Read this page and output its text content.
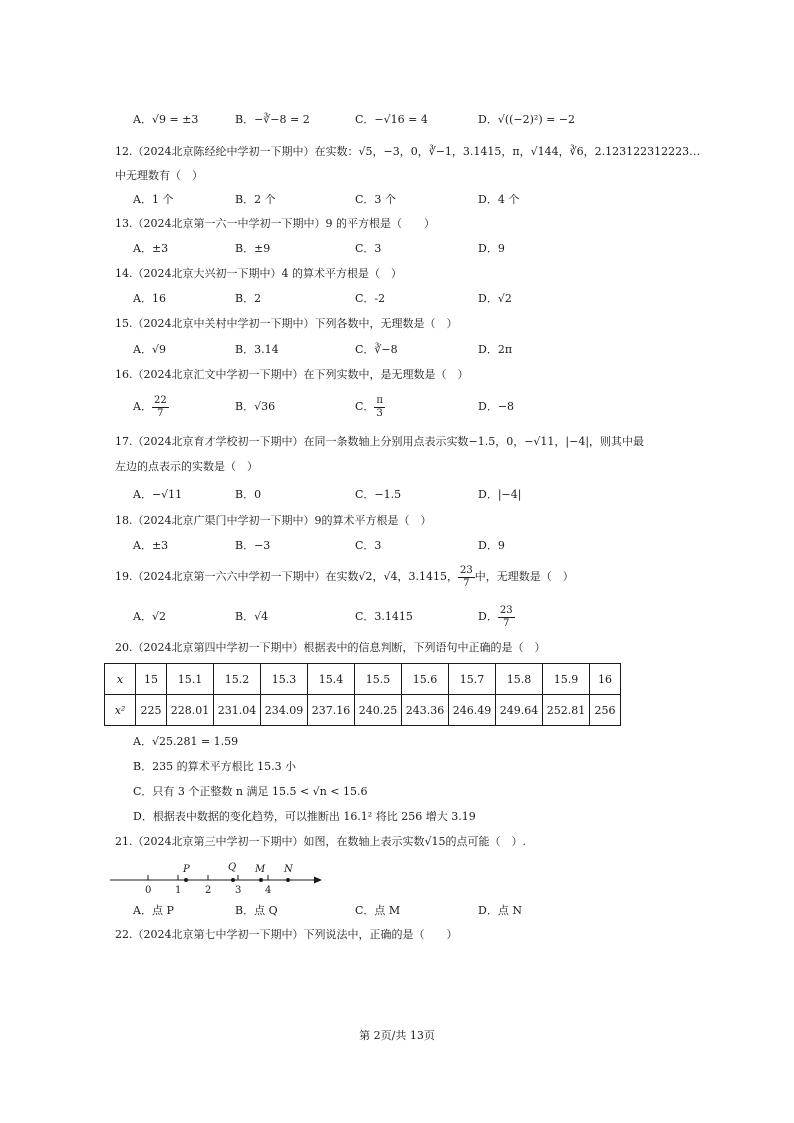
A．√9 = ±3	B．−∛−8 = 2	C．−√16 = 4	D．√((−2)²) = −2
12.（2024北京陈经纶中学初一下期中）在实数：√5，−3，0，∛−1，3.1415，π，√144，∛6，2.123122312223…
中无理数有（　）
A．1 个	B．2 个	C．3 个	D．4 个
13.（2024北京第一六一中学初一下期中）9 的平方根是（　　）
A．±3	B．±9	C．3	D．9
14.（2024北京大兴初一下期中）4 的算术平方根是（　）
A．16	B．2	C．-2	D．√2
15.（2024北京中关村中学初一下期中）下列各数中，无理数是（　）
A．√9	B．3.14	C．∛−8	D．2π
16.（2024北京汇文中学初一下期中）在下列实数中，是无理数是（　）
A． $\frac{22}{7}$	B．√36	C． $\frac{\pi}{3}$	D．−8
17.（2024北京育才学校初一下期中）在同一条数轴上分别用点表示实数−1.5，0，−√11，|−4|，则其中最
左边的点表示的实数是（　）
A．−√11	B．0	C．−1.5	D．|−4|
18.（2024北京广渠门中学初一下期中）9的算术平方根是（　）
A．±3	B．−3	C．3	D．9
19.（2024北京第一六六中学初一下期中）在实数√2，√4，3.1415， $\frac{23}{7}$ 中，无理数是（　）
A．√2	B．√4	C．3.1415	D． $\frac{23}{7}$
20.（2024北京第四中学初一下期中）根据表中的信息判断，下列语句中正确的是（　）
x	15	15.1	15.2	15.3	15.4	15.5	15.6	15.7	15.8	15.9	16
x²	225	228.01	231.04	234.09	237.16	240.25	243.36	246.49	249.64	252.81	256
A．√25.281 = 1.59
B．235 的算术平方根比 15.3 小
C．只有 3 个正整数 n 满足 15.5 < √n < 15.6
D．根据表中数据的变化趋势，可以推断出 16.1² 将比 256 增大 3.19
21.（2024北京第三中学初一下期中）如图，在数轴上表示实数√15的点可能（　）.
0 1 2 3 4
P	Q M N
A．点 P	B．点 Q	C．点 M	D．点 N
22.（2024北京第七中学初一下期中）下列说法中，正确的是（　　）
第 2页/共 13页
